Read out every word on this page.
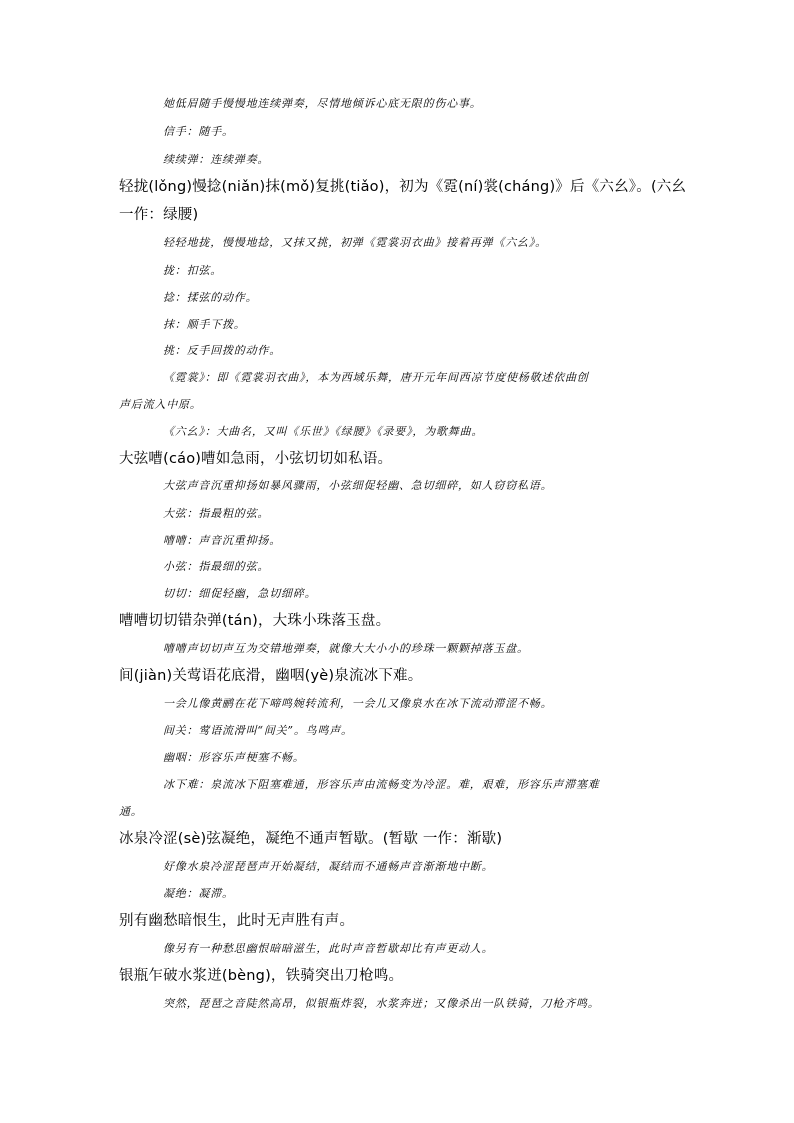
她低眉随手慢慢地连续弹奏，尽情地倾诉心底无限的伤心事。
信手：随手。
续续弹：连续弹奏。
轻拢(lǒng)慢捻(niǎn)抹(mǒ)复挑(tiǎo)，初为《霓(ní)裳(cháng)》后《六幺》。(六幺
一作：绿腰)
轻轻地拢，慢慢地捻，又抹又挑，初弹《霓裳羽衣曲》接着再弹《六幺》。
拢：扣弦。
捻：揉弦的动作。
抹：顺手下拨。
挑：反手回拨的动作。
《霓裳》：即《霓裳羽衣曲》，本为西域乐舞，唐开元年间西凉节度使杨敬述依曲创
声后流入中原。
《六幺》：大曲名，又叫《乐世》《绿腰》《录要》，为歌舞曲。
大弦嘈(cáo)嘈如急雨，小弦切切如私语。
大弦声音沉重抑扬如暴风骤雨，小弦细促轻幽、急切细碎，如人窃窃私语。
大弦：指最粗的弦。
嘈嘈：声音沉重抑扬。
小弦：指最细的弦。
切切：细促轻幽，急切细碎。
嘈嘈切切错杂弹(tán)，大珠小珠落玉盘。
嘈嘈声切切声互为交错地弹奏，就像大大小小的珍珠一颗颗掉落玉盘。
间(jiàn)关莺语花底滑，幽咽(yè)泉流冰下难。
一会儿像黄鹂在花下啼鸣婉转流利，一会儿又像泉水在冰下流动滞涩不畅。
间关：莺语流滑叫“间关”。鸟鸣声。
幽咽：形容乐声梗塞不畅。
冰下难：泉流冰下阻塞难通，形容乐声由流畅变为冷涩。难，艰难，形容乐声滞塞难
通。
冰泉冷涩(sè)弦凝绝，凝绝不通声暂歇。(暂歇 一作：渐歇)
好像水泉冷涩琵琶声开始凝结，凝结而不通畅声音渐渐地中断。
凝绝：凝滞。
别有幽愁暗恨生，此时无声胜有声。
像另有一种愁思幽恨暗暗滋生，此时声音暂歇却比有声更动人。
银瓶乍破水浆迸(bèng)，铁骑突出刀枪鸣。
突然，琵琶之音陡然高昂，似银瓶炸裂，水浆奔迸；又像杀出一队铁骑，刀枪齐鸣。
